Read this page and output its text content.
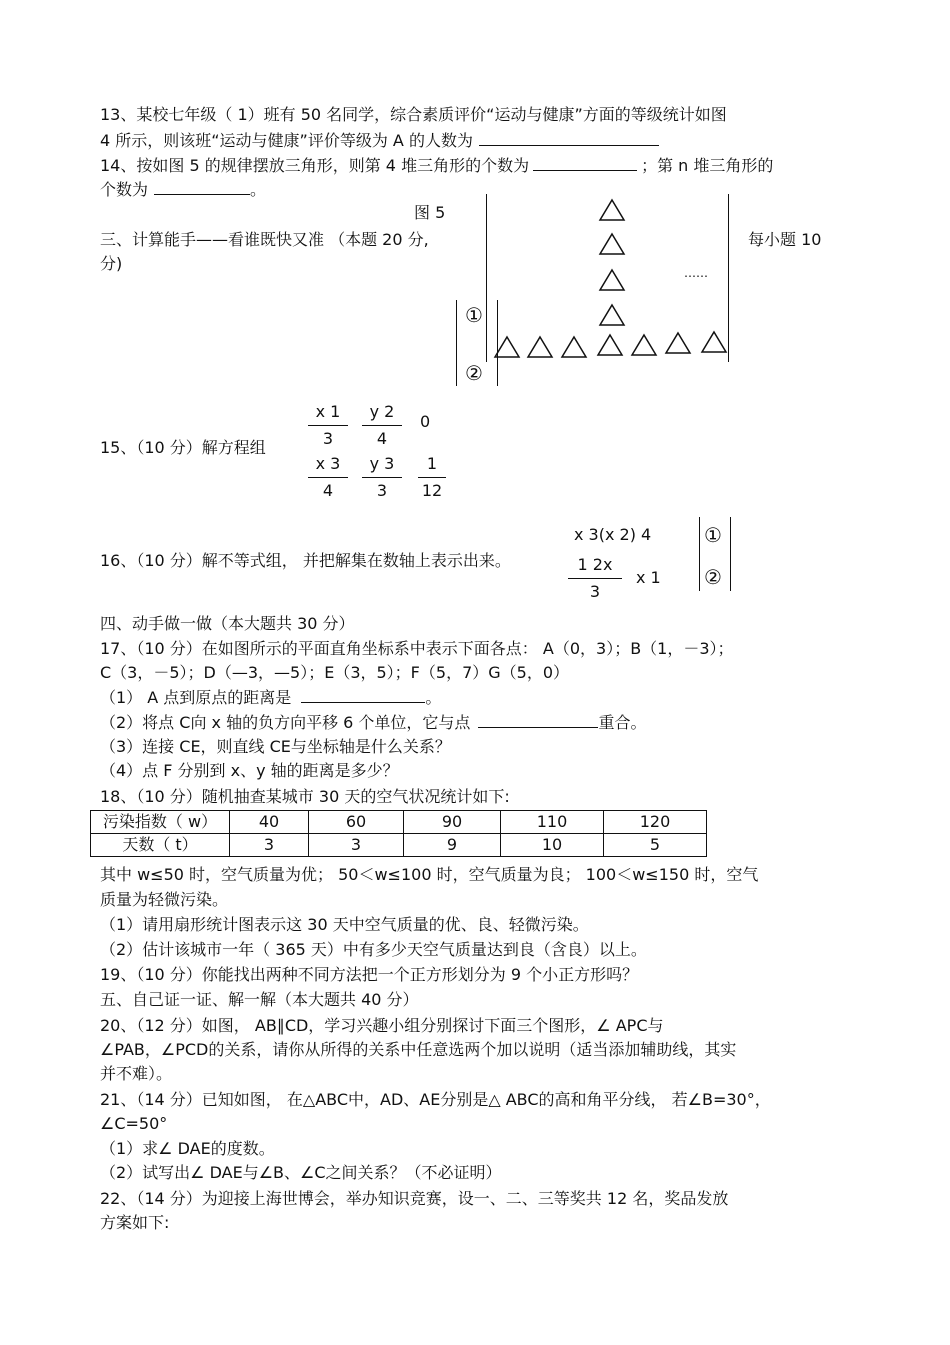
13、某校七年级（ 1）班有 50 名同学，综合素质评价“运动与健康”方面的等级统计如图
4 所示，则该班“运动与健康”评价等级为 A 的人数为
14、按如图 5 的规律摆放三角形，则第 4 堆三角形的个数为	；第 n 堆三角形的
个数为	。
图 5
①
②
……
三、计算能手——看谁既快又准 （本题 20 分,	每小题 10
分)
15、（10 分）解方程组
x 1
3
y 2
4
0
x 3
4
y 3
3
1
12
16、（10 分）解不等式组， 并把解集在数轴上表示出来。
x 3(x 2) 4
1 2x
3
x 1
①
②
四、动手做一做（本大题共 30 分）
17、（10 分）在如图所示的平面直角坐标系中表示下面各点： A（0，3）；B（1，－3）；
C（3，－5）；D（—3，—5）；E（3，5）；F（5，7）G（5，0）
（1） A 点到原点的距离是	。
（2）将点 C向 x 轴的负方向平移 6 个单位，它与点	重合。
（3）连接 CE，则直线 CE与坐标轴是什么关系？
（4）点 F 分别到 x、y 轴的距离是多少？
18、（10 分）随机抽查某城市 30 天的空气状况统计如下:
污染指数（ w）	40	60	90	110	120
天数（ t）	3	3	9	10	5
其中 w≤50 时，空气质量为优； 50＜w≤100 时，空气质量为良； 100＜w≤150 时，空气
质量为轻微污染。
（1）请用扇形统计图表示这 30 天中空气质量的优、良、轻微污染。
（2）估计该城市一年（ 365 天）中有多少天空气质量达到良（含良）以上。
19、（10 分）你能找出两种不同方法把一个正方形划分为 9 个小正方形吗？
五、自己证一证、解一解（本大题共 40 分）
20、（12 分）如图， AB∥CD，学习兴趣小组分别探讨下面三个图形，∠ APC与
∠PAB，∠PCD的关系，请你从所得的关系中任意选两个加以说明（适当添加辅助线，其实
并不难）。
21、（14 分）已知如图， 在△ABC中，AD、AE分别是△ ABC的高和角平分线， 若∠B=30°，
∠C=50°
（1）求∠ DAE的度数。
（2）试写出∠ DAE与∠B、∠C之间关系？（不必证明）
22、（14 分）为迎接上海世博会，举办知识竞赛，设一、二、三等奖共 12 名，奖品发放
方案如下:
